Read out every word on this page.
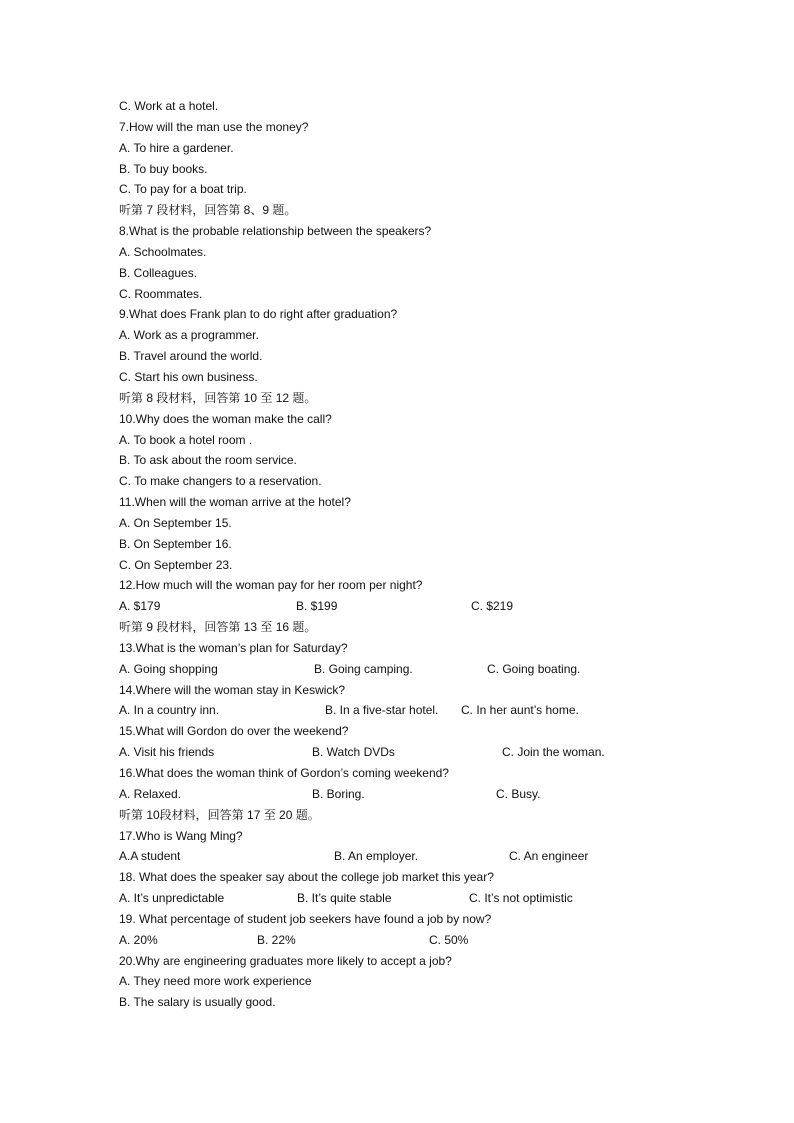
C. Work at a hotel.
7.How will the man use the money?
A. To hire a gardener.
B. To buy books.
C. To pay for a boat trip.
听第 7 段材料，回答第 8、9 题。
8.What is the probable relationship between the speakers?
A. Schoolmates.
B. Colleagues.
C. Roommates.
9.What does Frank plan to do right after graduation?
A. Work as a programmer.
B. Travel around the world.
C. Start his own business.
听第 8 段材料，回答第 10 至 12 题。
10.Why does the woman make the call?
A. To book a hotel room .
B. To ask about the room service.
C. To make changers to a reservation.
11.When will the woman arrive at the hotel?
A. On September 15.
B. On September 16.
C. On September 23.
12.How much will the woman pay for her room per night?
A. $179	B. $199	C. $219
听第 9 段材料，回答第 13 至 16 题。
13.What is the woman’s plan for Saturday?
A. Going shopping	B. Going camping.	C. Going boating.
14.Where will the woman stay in Keswick?
A. In a country inn.	B. In a five-star hotel. C. In her aunt’s home.
15.What will Gordon do over the weekend?
A. Visit his friends	B. Watch DVDs	C. Join the woman.
16.What does the woman think of Gordon’s coming weekend?
A. Relaxed.	B. Boring.	C. Busy.
听第 10段材料，回答第 17 至 20 题。
17.Who is Wang Ming?
A.A student	B. An employer.	C. An engineer
18. What does the speaker say about the college job market this year?
A. It’s unpredictable	B. It’s quite stable	C. It’s not optimistic
19. What percentage of student job seekers have found a job by now?
A. 20%	B. 22%	C. 50%
20.Why are engineering graduates more likely to accept a job?
A. They need more work experience
B. The salary is usually good.
